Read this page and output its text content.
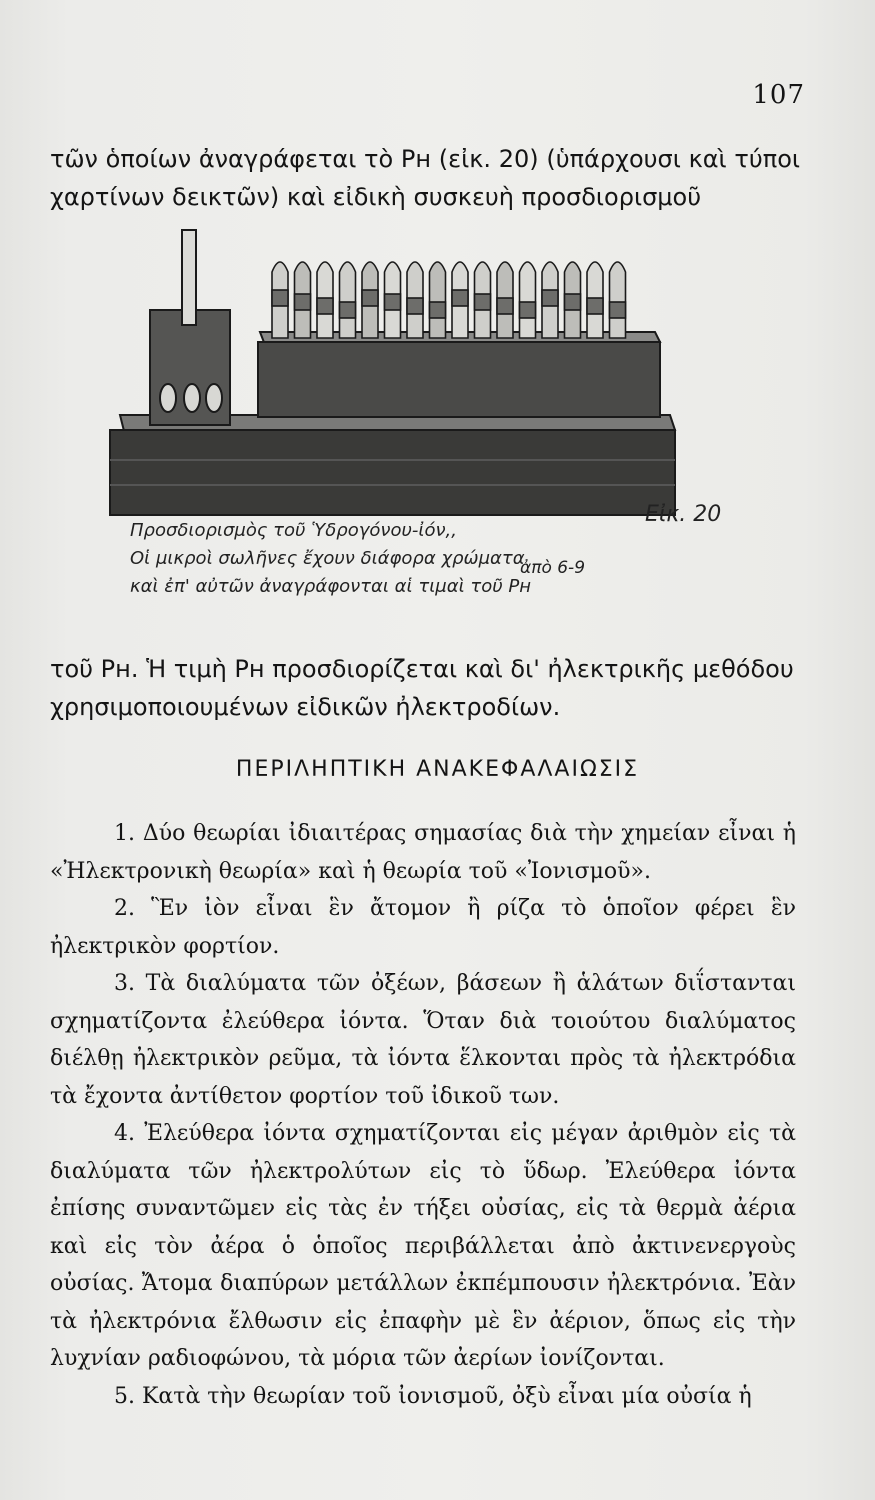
107
τῶν ὁποίων ἀναγράφεται τὸ Pʜ (εἰκ. 20) (ὑπάρχουσι καὶ τύποι χαρτίνων δεικτῶν) καὶ εἰδικὴ συσκευὴ προσδιορισμοῦ
Προσδιορισμὸς τοῦ Ὑδρογόνου-ἰόν,,
Οἱ μικροὶ σωλῆνες ἔχουν διάφορα χρώματα
καὶ ἐπ' αὐτῶν ἀναγράφονται αἱ τιμαὶ τοῦ Pʜ
ἀπὸ 6-9
Εἰκ. 20
τοῦ Pʜ. Ἡ τιμὴ Pʜ προσδιορίζεται καὶ δι' ἠλεκτρικῆς μεθόδου χρησιμοποιουμένων εἰδικῶν ἠλεκτροδίων.
ΠΕΡΙΛΗΠΤΙΚΗ ΑΝΑΚΕΦΑΛΑΙΩΣΙΣ

1. Δύο θεωρίαι ἰδιαιτέρας σημασίας διὰ τὴν χημείαν εἶναι ἡ «Ἠλεκτρονικὴ θεωρία» καὶ ἡ θεωρία τοῦ «Ἰονισμοῦ».

2. Ἓν ἰὸν εἶναι ἓν ἄτομον ἢ ρίζα τὸ ὁποῖον φέρει ἓν ἠλεκτρικὸν φορτίον.

3. Τὰ διαλύματα τῶν ὀξέων, βάσεων ἢ ἁλάτων διΐστανται σχηματίζοντα ἐλεύθερα ἰόντα. Ὅταν διὰ τοιούτου διαλύματος διέλθῃ ἠλεκτρικὸν ρεῦμα, τὰ ἰόντα ἕλκονται πρὸς τὰ ἠλεκτρόδια τὰ ἔχοντα ἀντίθετον φορτίον τοῦ ἰδικοῦ των.

4. Ἐλεύθερα ἰόντα σχηματίζονται εἰς μέγαν ἀριθμὸν εἰς τὰ διαλύματα τῶν ἠλεκτρολύτων εἰς τὸ ὕδωρ. Ἐλεύθερα ἰόντα ἐπίσης συναντῶμεν εἰς τὰς ἐν τήξει οὐσίας, εἰς τὰ θερμὰ ἀέρια καὶ εἰς τὸν ἀέρα ὁ ὁποῖος περιβάλλεται ἀπὸ ἀκτινενεργοὺς οὐσίας. Ἄτομα διαπύρων μετάλλων ἐκπέμπουσιν ἠλεκτρόνια. Ἐὰν τὰ ἠλεκτρόνια ἔλθωσιν εἰς ἐπαφὴν μὲ ἓν ἀέριον, ὅπως εἰς τὴν λυχνίαν ραδιοφώνου, τὰ μόρια τῶν ἀερίων ἰονίζονται.

5. Κατὰ τὴν θεωρίαν τοῦ ἰονισμοῦ, ὀξὺ εἶναι μία οὐσία ἡ
